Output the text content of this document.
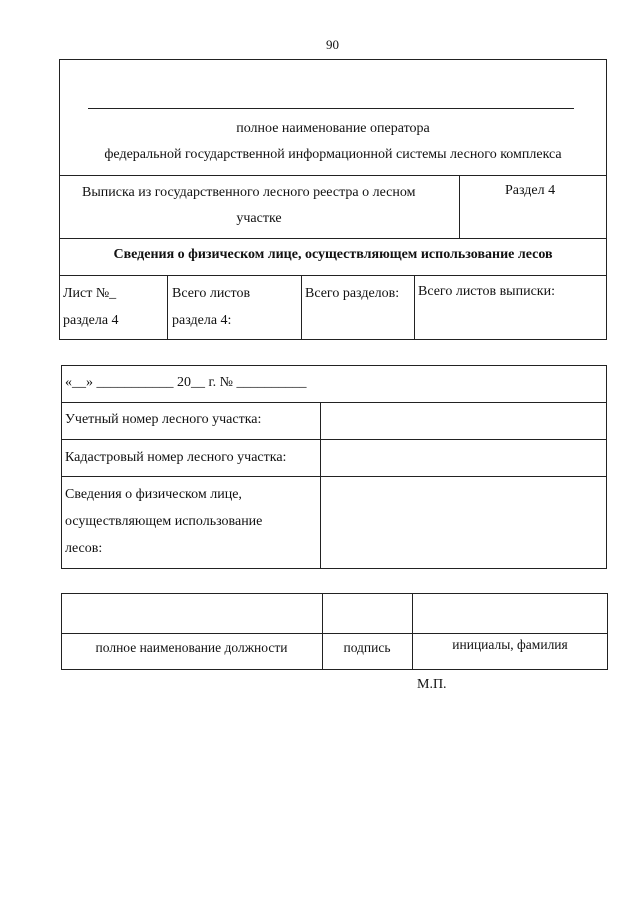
90
полное наименование оператора
федеральной государственной информационной системы лесного комплекса
Выписка из государственного лесного реестра о лесном
участке
Раздел 4
Сведения о физическом лице, осуществляющем использование лесов
Лист №_
раздела 4
Всего листов
раздела 4:
Всего разделов: Всего листов выписки:
«__» ___________ 20__ г. № __________
Учетный номер лесного участка:
Кадастровый номер лесного участка:
Сведения о физическом лице,
осуществляющем использование
лесов:
полное наименование должности	подпись	инициалы, фамилия
М.П.
